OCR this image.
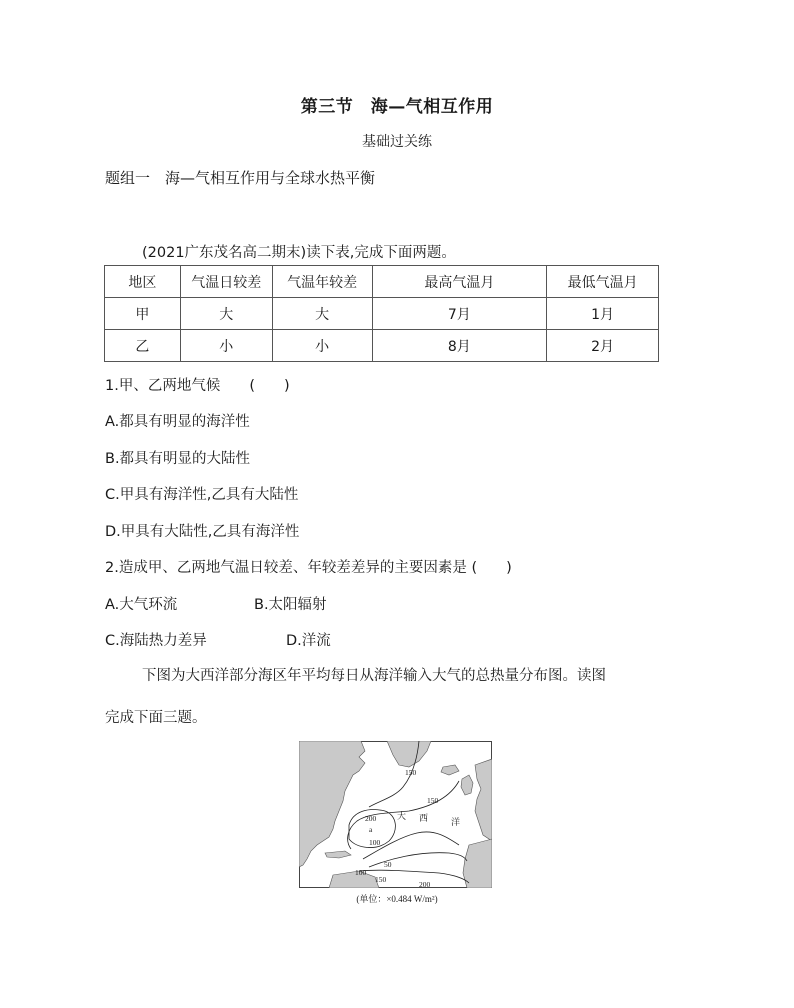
第三节　海—气相互作用
基础过关练
题组一　海—气相互作用与全球水热平衡
(2021广东茂名高二期末)读下表,完成下面两题。
地区	气温日较差	气温年较差	最高气温月	最低气温月
甲	大	大	7月	1月
乙	小	小	8月	2月
1.甲、乙两地气候　　(　　)
A.都具有明显的海洋性
B.都具有明显的大陆性
C.甲具有海洋性,乙具有大陆性
D.甲具有大陆性,乙具有海洋性
2.造成甲、乙两地气温日较差、年较差差异的主要因素是 (　　)
A.大气环流	B.太阳辐射
C.海陆热力差异	D.洋流
下图为大西洋部分海区年平均每日从海洋输入大气的总热量分布图。读图
完成下面三题。
150
150
200
100
50
100
150
200
a
大 西	洋
(单位：×0.484 W/m²)
